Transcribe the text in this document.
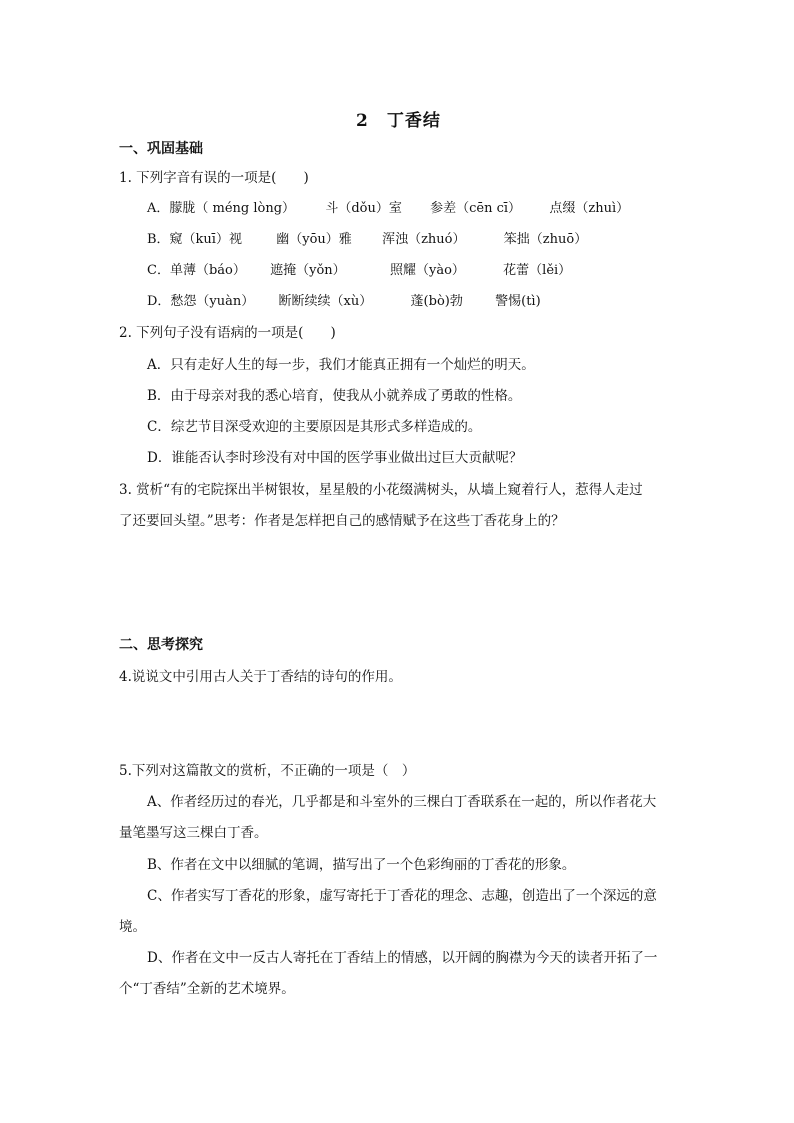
2　丁香结
一、巩固基础
1. 下列字音有误的一项是(　　)
A．朦胧（ méng lòng） 斗（dǒu）室 参差（cēn cī） 点缀（zhuì）
B．窥（kuī）视	幽（yōu）雅 浑浊（zhuó）	笨拙（zhuō）
C．单薄（báo） 遮掩（yǒn）	照耀（yào）	花蕾（lěi）
D．愁怨（yuàn） 断断续续（xù）	蓬(bò)勃 警惕(tì)
2. 下列句子没有语病的一项是(　　)
A．只有走好人生的每一步，我们才能真正拥有一个灿烂的明天。
B．由于母亲对我的悉心培育，使我从小就养成了勇敢的性格。
C．综艺节目深受欢迎的主要原因是其形式多样造成的。
D．谁能否认李时珍没有对中国的医学事业做出过巨大贡献呢？
3. 赏析“有的宅院探出半树银妆，星星般的小花缀满树头，从墙上窥着行人，惹得人走过
了还要回头望。”思考：作者是怎样把自己的感情赋予在这些丁香花身上的？
二、思考探究
4.说说文中引用古人关于丁香结的诗句的作用。
5.下列对这篇散文的赏析，不正确的一项是（　）
A、作者经历过的春光，几乎都是和斗室外的三棵白丁香联系在一起的，所以作者花大
量笔墨写这三棵白丁香。
B、作者在文中以细腻的笔调，描写出了一个色彩绚丽的丁香花的形象。
C、作者实写丁香花的形象，虚写寄托于丁香花的理念、志趣，创造出了一个深远的意
境。
D、作者在文中一反古人寄托在丁香结上的情感，以开阔的胸襟为今天的读者开拓了一
个“丁香结”全新的艺术境界。
